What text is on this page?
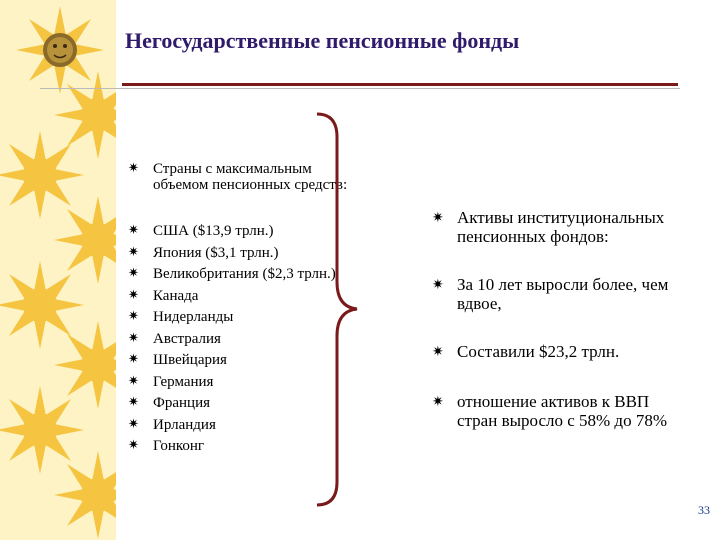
Негосударственные пенсионные фонды
✷ Страны с максимальным
объемом пенсионных средств:
✷ США ($13,9 трлн.)
✷ Япония ($3,1 трлн.)
✷ Великобритания ($2,3 трлн.)
✷ Канада
✷ Нидерланды
✷ Австралия
✷ Швейцария
✷ Германия
✷ Франция
✷ Ирландия
✷ Гонконг
✷ Активы институциональных
пенсионных фондов:
✷ За 10 лет выросли более, чем
вдвое,
✷ Составили $23,2 трлн.
✷ отношение активов к ВВП
стран выросло с 58% до 78%
33
